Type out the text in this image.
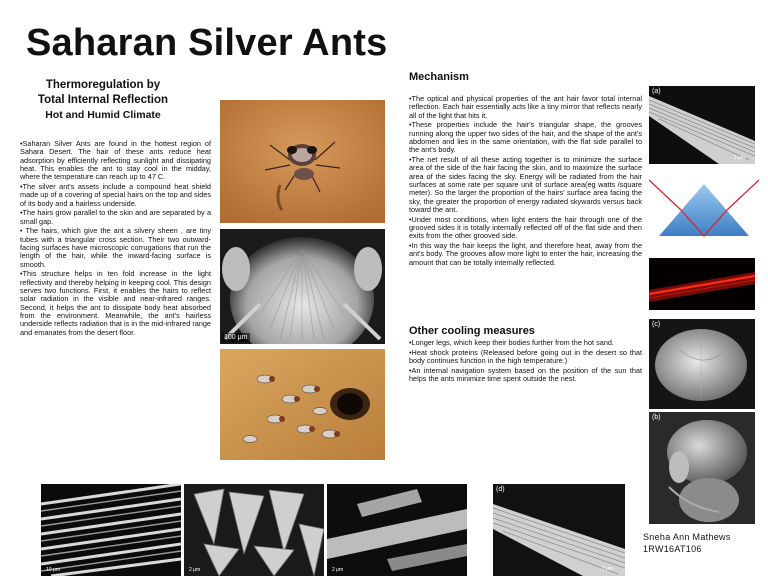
Saharan Silver Ants
Thermoregulation by
Total Internal Reflection
Hot and Humid Climate

•Saharan Silver Ants are found in the hottest region of Sahara Desert. The hair of these ants reduce heat adsorption by efficiently reflecting sunlight and dissipating heat. This enables the ant to stay cool in the midday, where the temperature can reach up to 47 C.

•The silver ant's assets include a compound heat shield made up of a covering of special hairs on the top and sides of its body and a hairless underside.

•The hairs grow parallel to the skin and are separated by a small gap.

• The hairs, which give the ant a silvery sheen , are tiny tubes with a triangular cross section. Their two outward-facing surfaces have microscopic corrugations that run the length of the hair, while the inward-facing surface is smooth.

•This structure helps in ten fold increase in the light reflectivity and thereby helping in keeping cool. This design serves two functions. First, it enables the hairs to reflect solar radiation in the visible and near-infrared ranges. Second, it helps the ant to dissipate body heat absorbed from the environment. Meanwhile, the ant's hairless underside reflects radiation that is in the mid-infrared range and emanates from the desert floor.

100 μm
Mechanism

•The optical and physical properties of the ant hair favor total internal reflection. Each hair essentially acts like a tiny mirror that reflects nearly all of the light that hits it.

•These properties include the hair's triangular shape, the grooves running along the upper two sides of the hair, and the shape of the ant's abdomen and lies in the same orientation, with the flat side parallel to the ant's body.

•The net result of all these acting together is to minimize the surface area of the side of the hair facing the skin, and to maximize the surface area of the sides facing the sky. Energy will be radiated from the hair surfaces at some rate per square unit of surface area(eg watts /square meter). So the larger the proportion of the hairs' surface area facing the sky, the greater the proportion of energy radiated skywards versus back toward the ant.

•Under most conditions, when light enters the hair through one of the grooved sides it is totally internally reflected off of the flat side and then exits from the other grooved side.

•In this way the hair keeps the light, and therefore heat, away from the ant's body. The grooves allow more light to enter the hair, increasing the amount that can be totally internally reflected.

Other cooling measures

•Longer legs, which keep their bodies further from the hot sand.

•Heat shock proteins (Released before going out in the desert so that body continues function in the high temperature.)

•An internal navigation system based on the position of the sun that helps the ants minimize time spent outside the nest.

(a)
1 μm
(c)
(b)
10 μm	2 μm	2 μm
(d)
1 μm
Sneha Ann Mathews
1RW16AT106
